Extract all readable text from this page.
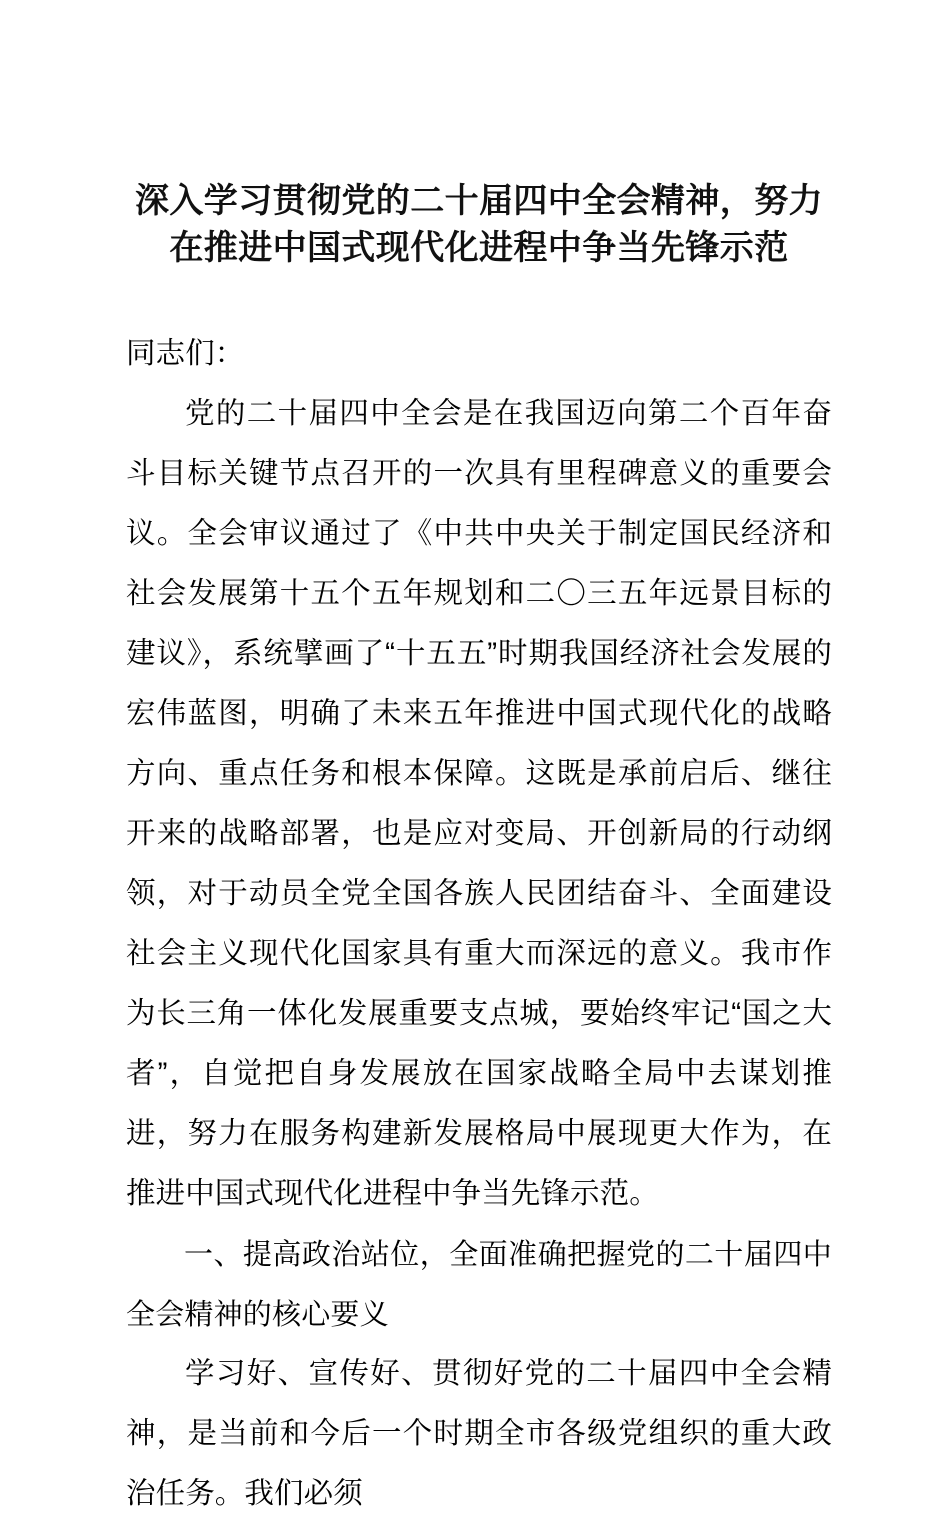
深入学习贯彻党的二十届四中全会精神，努力在推进中国式现代化进程中争当先锋示范

同志们：

党的二十届四中全会是在我国迈向第二个百年奋斗目标关键节点召开的一次具有里程碑意义的重要会议。全会审议通过了《中共中央关于制定国民经济和社会发展第十五个五年规划和二〇三五年远景目标的建议》，系统擘画了“十五五”时期我国经济社会发展的宏伟蓝图，明确了未来五年推进中国式现代化的战略方向、重点任务和根本保障。这既是承前启后、继往开来的战略部署，也是应对变局、开创新局的行动纲领，对于动员全党全国各族人民团结奋斗、全面建设社会主义现代化国家具有重大而深远的意义。我市作为长三角一体化发展重要支点城，要始终牢记“国之大者”，自觉把自身发展放在国家战略全局中去谋划推进，努力在服务构建新发展格局中展现更大作为，在推进中国式现代化进程中争当先锋示范。

一、提高政治站位，全面准确把握党的二十届四中全会精神的核心要义

学习好、宣传好、贯彻好党的二十届四中全会精神，是当前和今后一个时期全市各级党组织的重大政治任务。我们必须
